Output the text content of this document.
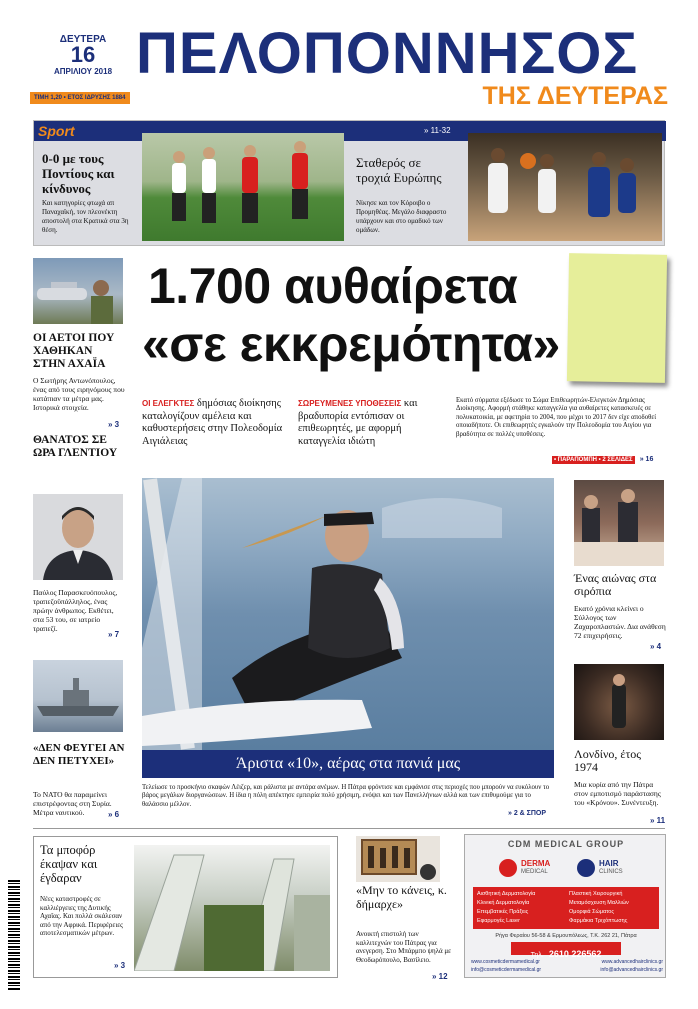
ΔΕΥΤΕΡΑ
16
ΑΠΡΙΛΙΟΥ 2018
ΤΙΜΗ 1,20 • ΕΤΟΣ ΙΔΡΥΣΗΣ 1884
ΠΕΛΟΠΟΝΝΗΣΟΣ
ΤΗΣ ΔΕΥΤΕΡΑΣ
Sport	» 11-32
0-0 με τους Ποντίους και κίνδυνος
Και κατηγορίες φτωχά απ Παναχαϊκή, τον πλεονέκτη αποστολή στα Κρατικά στα 3η θέση.
Σταθερός σε τροχιά Ευρώπης
Νίκησε και τον Κόροιβο ο Προμηθέας. Μεγάλο διαφραστο υπάρχουν και στο ομαδικό των ομάδων.
ΟΙ ΑΕΤΟΙ ΠΟΥ ΧΑΘΗΚΑΝ ΣΤΗΝ ΑΧΑΪΑ
Ο Σωτήρης Αντωνόπουλος, ένας από τους ειρηνόμους που κατάπιαν τα μέτρα μας. Ιστορικά στοιχεία.
» 3
ΘΑΝΑΤΟΣ ΣΕ ΩΡΑ ΓΛΕΝΤΙΟΥ
Παύλος Παρασκευόπουλος, τραπεζοϋπάλληλος, ένας πρώην άνθρωπος. Εκθέτει, στα 53 του, σε ιατρείο τραπεζί.
» 7
«ΔΕΝ ΦΕΥΓΕΙ ΑΝ ΔΕΝ ΠΕΤΥΧΕΙ»
Το ΝΑΤΟ θα παραμείνει επιστρέφοντας στη Συρία. Μέτρα ναυτικού.	» 6
1.700 αυθαίρετα
«σε εκκρεμότητα»
ΟΙ ΕΛΕΓΚΤΕΣ δημόσιας διοίκησης καταλογίζουν αμέλεια και καθυστερήσεις στην Πολεοδομία Αιγιάλειας
ΣΩΡΕΥΜΕΝΕΣ ΥΠΟΘΕΣΕΙΣ και βραδυπορία εντόπισαν οι επιθεωρητές, με αφορμή καταγγελία ιδιώτη
Εκατό σύρματα εξέδωσε το Σώμα Επιθεωρητών-Ελεγκτών Δημόσιας Διοίκησης. Αφορμή στάθηκε καταγγελία για αυθαίρετες κατασκευές σε πολυκατοικία, με αφετηρία το 2004, που μέχρι το 2017 δεν είχε αποδοθεί οποιαδήποτε. Οι επιθεωρητές εγκαλούν την Πολεοδομία του Αιγίου για βραδύτητα σε πολλές υποθέσεις.
• ΠΑΡΑΠΟΜΠΗ • 2 ΣΕΛΙΔΕΣ » 16
Άριστα «10», αέρας στα πανιά μας
Τελείωσε το προσκήνιο σκαφών Λέιζερ, και ράλιστα με αντάρα ανέμων. Η Πάτρα φρόντισε και εμφάνισε στις περιοχές που μπορούν να ευκόλουν το βάρος μεγάλων διοργανώσεων. Η ίδια η πόλη απέκτησε εμπειρία πολύ χρήσιμη, ενόψει και των Πανελλήνιων αλλά και των επιθυμούμε για το θαλάσσιο μέλλον.
» 2 & ΣΠΟΡ
Ένας αιώνας στα σιρόπια
Εκατό χρόνια κλείνει ο Σύλλογος των Ζαχαροπλαστών. Δια ανάθεση 72 επιχειρήσεις.
» 4
Λονδίνο, έτος 1974
Μια κυρία από την Πάτρα στον εμποτισμό παράστασης του «Κρόνου». Συνέντευξη.
» 11
Τα μποφόρ έκαψαν και έγδαραν
Νέες καταστροφές σε καλλιέργειες της Δυτικής Αχαΐας. Και πολλά σκάλεσαν από την Αφρικά. Περιφέρειες αποτελεσματικών μέτρων.
» 3
«Μην το κάνεις, κ. δήμαρχε»
Ανοικτή επιστολή των καλλιτεχνών του Πάτρας για ανεγερση. Στο Μπάρμπο ψηλά με Θεοδωρόπουλο, Βασίλειο.
» 12
CDM MEDICAL GROUP
DERMA
MEDICAL
HAIR
CLINICS
Αισθητική Δερματολογία
Κλινική Δερματολογία
Επεμβατικές Πράξεις
Εφαρμογές Laser
Πλαστική Χειρουργική
Μεταμόσχευση Μαλλιών
Ομορφιά Σώματος
Φαρμάκια Τριχόπτωσης
Ρήγα Φεραίου 56-58 & Ερμουπόλεως, Τ.Κ. 262 21, Πάτρα
Τηλ. 2610 226562
www.cosmeticdermamedical.gr	www.advancedhairclinics.gr
info@cosmeticdermamedical.gr	info@advancedhairclinics.gr
